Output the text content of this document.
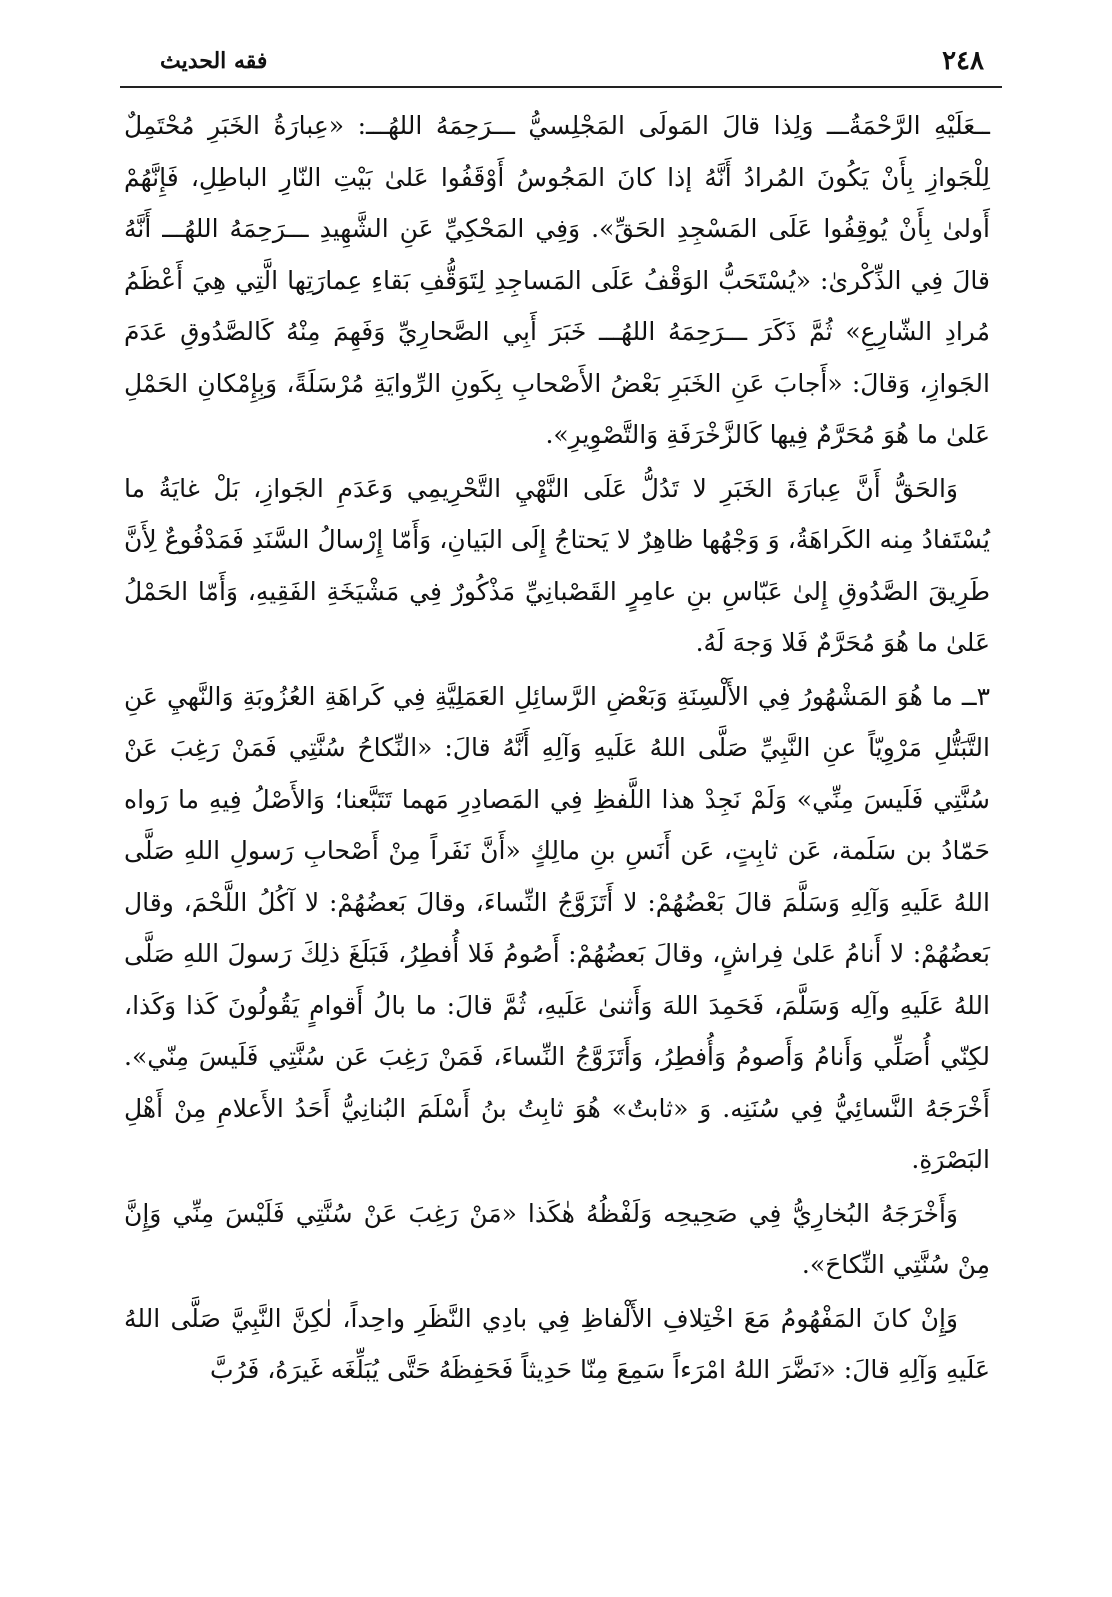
فقه الحديث	٢٤٨

ــعَلَيْهِ الرَّحْمَةُـــ وَلِذا قالَ المَولَى المَجْلِسيُّ ـــرَحِمَهُ اللهُـــ: «عِبارَةُ الخَبَرِ مُحْتَمِلٌ لِلْجَوازِ بِأَنْ يَكُونَ المُرادُ أَنَّهُ إذا كانَ المَجُوسُ أَوْقَفُوا عَلىٰ بَيْتِ النّارِ الباطِلِ، فَإِنَّهُمْ أَولىٰ بِأَنْ يُوقِفُوا عَلَى المَسْجِدِ الحَقِّ». وَفِي المَحْكِيِّ عَنِ الشَّهِيدِ ـــرَحِمَهُ اللهُـــ أَنَّهُ قالَ فِي الذِّكْرىٰ: «يُسْتَحَبُّ الوَقْفُ عَلَى المَساجِدِ لِتَوَقُّفِ بَقاءِ عِمارَتِها الَّتِي هِيَ أَعْظَمُ مُرادِ الشّارِعِ» ثُمَّ ذَكَرَ ـــرَحِمَهُ اللهُـــ خَبَرَ أَبِي الصَّحارِيِّ وَفَهِمَ مِنْهُ كَالصَّدُوقِ عَدَمَ الجَوازِ، وَقالَ: «أَجابَ عَنِ الخَبَرِ بَعْضُ الأَصْحابِ بِكَونِ الرِّوايَةِ مُرْسَلَةً، وَبِإِمْكانِ الحَمْلِ عَلىٰ ما هُوَ مُحَرَّمٌ فِيها كَالزَّخْرَفَةِ وَالتَّصْوِيرِ».

وَالحَقُّ أَنَّ عِبارَةَ الخَبَرِ لا تَدُلُّ عَلَى النَّهْيِ التَّحْرِيمِي وَعَدَمِ الجَوازِ، بَلْ غايَةُ ما يُسْتَفادُ مِنه الكَراهَةُ، وَ وَجْهُها ظاهِرٌ لا يَحتاجُ إِلَى البَيانِ، وَأَمّا إِرْسالُ السَّنَدِ فَمَدْفُوعٌ لِأَنَّ طَرِيقَ الصَّدُوقِ إِلىٰ عَبّاسِ بنِ عامِرٍ القَصْبانِيِّ مَذْكُورٌ فِي مَشْيَخَةِ الفَقِيهِ، وَأَمّا الحَمْلُ عَلىٰ ما هُوَ مُحَرَّمٌ فَلا وَجهَ لَهُ.

٣ــ ما هُوَ المَشْهُورُ فِي الأَلْسِنَةِ وَبَعْضِ الرَّسائِلِ العَمَلِيَّةِ فِي كَراهَةِ العُزُوبَةِ وَالنَّهيِ عَنِ التَّبَتُّلِ مَرْوِيّاً عنِ النَّبِيِّ صَلَّى اللهُ عَلَيهِ وَآلِهِ أَنَّهُ قالَ: «النِّكاحُ سُنَّتِي فَمَنْ رَغِبَ عَنْ سُنَّتِي فَلَيسَ مِنِّي» وَلَمْ نَجِدْ هذا اللَّفظِ فِي المَصادِرِ مَهما تَتَبَّعنا؛ وَالأَصْلُ فِيهِ ما رَواه حَمّادُ بن سَلَمة، عَن ثابِتٍ، عَن أَنَسِ بنِ مالِكٍ «أَنَّ نَفَراً مِنْ أَصْحابِ رَسولِ اللهِ صَلَّى اللهُ عَلَيهِ وَآلِهِ وَسَلَّمَ قالَ بَعْضُهُمْ: لا أَتَزَوَّجُ النِّساءَ، وقالَ بَعضُهُمْ: لا آكُلُ اللَّحْمَ، وقال بَعضُهُمْ: لا أَنامُ عَلىٰ فِراشٍ، وقالَ بَعضُهُمْ: أَصُومُ فَلا أُفطِرُ، فَبَلَغَ ذلِكَ رَسولَ اللهِ صَلَّى اللهُ عَلَيهِ وآلِه وَسَلَّمَ، فَحَمِدَ اللهَ وَأَثنىٰ عَلَيهِ، ثُمَّ قالَ: ما بالُ أَقوامٍ يَقُولُونَ كَذا وَكَذا، لكِنّي أُصَلِّي وَأَنامُ وَأَصومُ وَأُفطِرُ، وَأَتَزَوَّجُ النِّساءَ، فَمَنْ رَغِبَ عَن سُنَّتِي فَلَيسَ مِنّي». أَخْرَجَهُ النَّسائِيُّ فِي سُنَنِه. وَ «ثابتٌ» هُوَ ثابِتُ بنُ أَسْلَمَ البُنانِيُّ أَحَدُ الأَعلامِ مِنْ أَهْلِ البَصْرَةِ.

وَأَخْرَجَهُ البُخارِيُّ فِي صَحِيحِه وَلَفْظُهُ هٰكَذا «مَنْ رَغِبَ عَنْ سُنَّتِي فَلَيْسَ مِنِّي وَإِنَّ مِنْ سُنَّتِي النِّكاحَ».

وَإِنْ كانَ المَفْهُومُ مَعَ اخْتِلافِ الأَلْفاظِ فِي بادِي النَّظَرِ واحِداً، لٰكِنَّ النَّبِيَّ صَلَّى اللهُ عَلَيهِ وَآلِهِ قالَ: «نَضَّرَ اللهُ امْرَءاً سَمِعَ مِنّا حَدِيثاً فَحَفِظَهُ حَتَّى يُبَلِّغَه غَيرَهُ، فَرُبَّ
